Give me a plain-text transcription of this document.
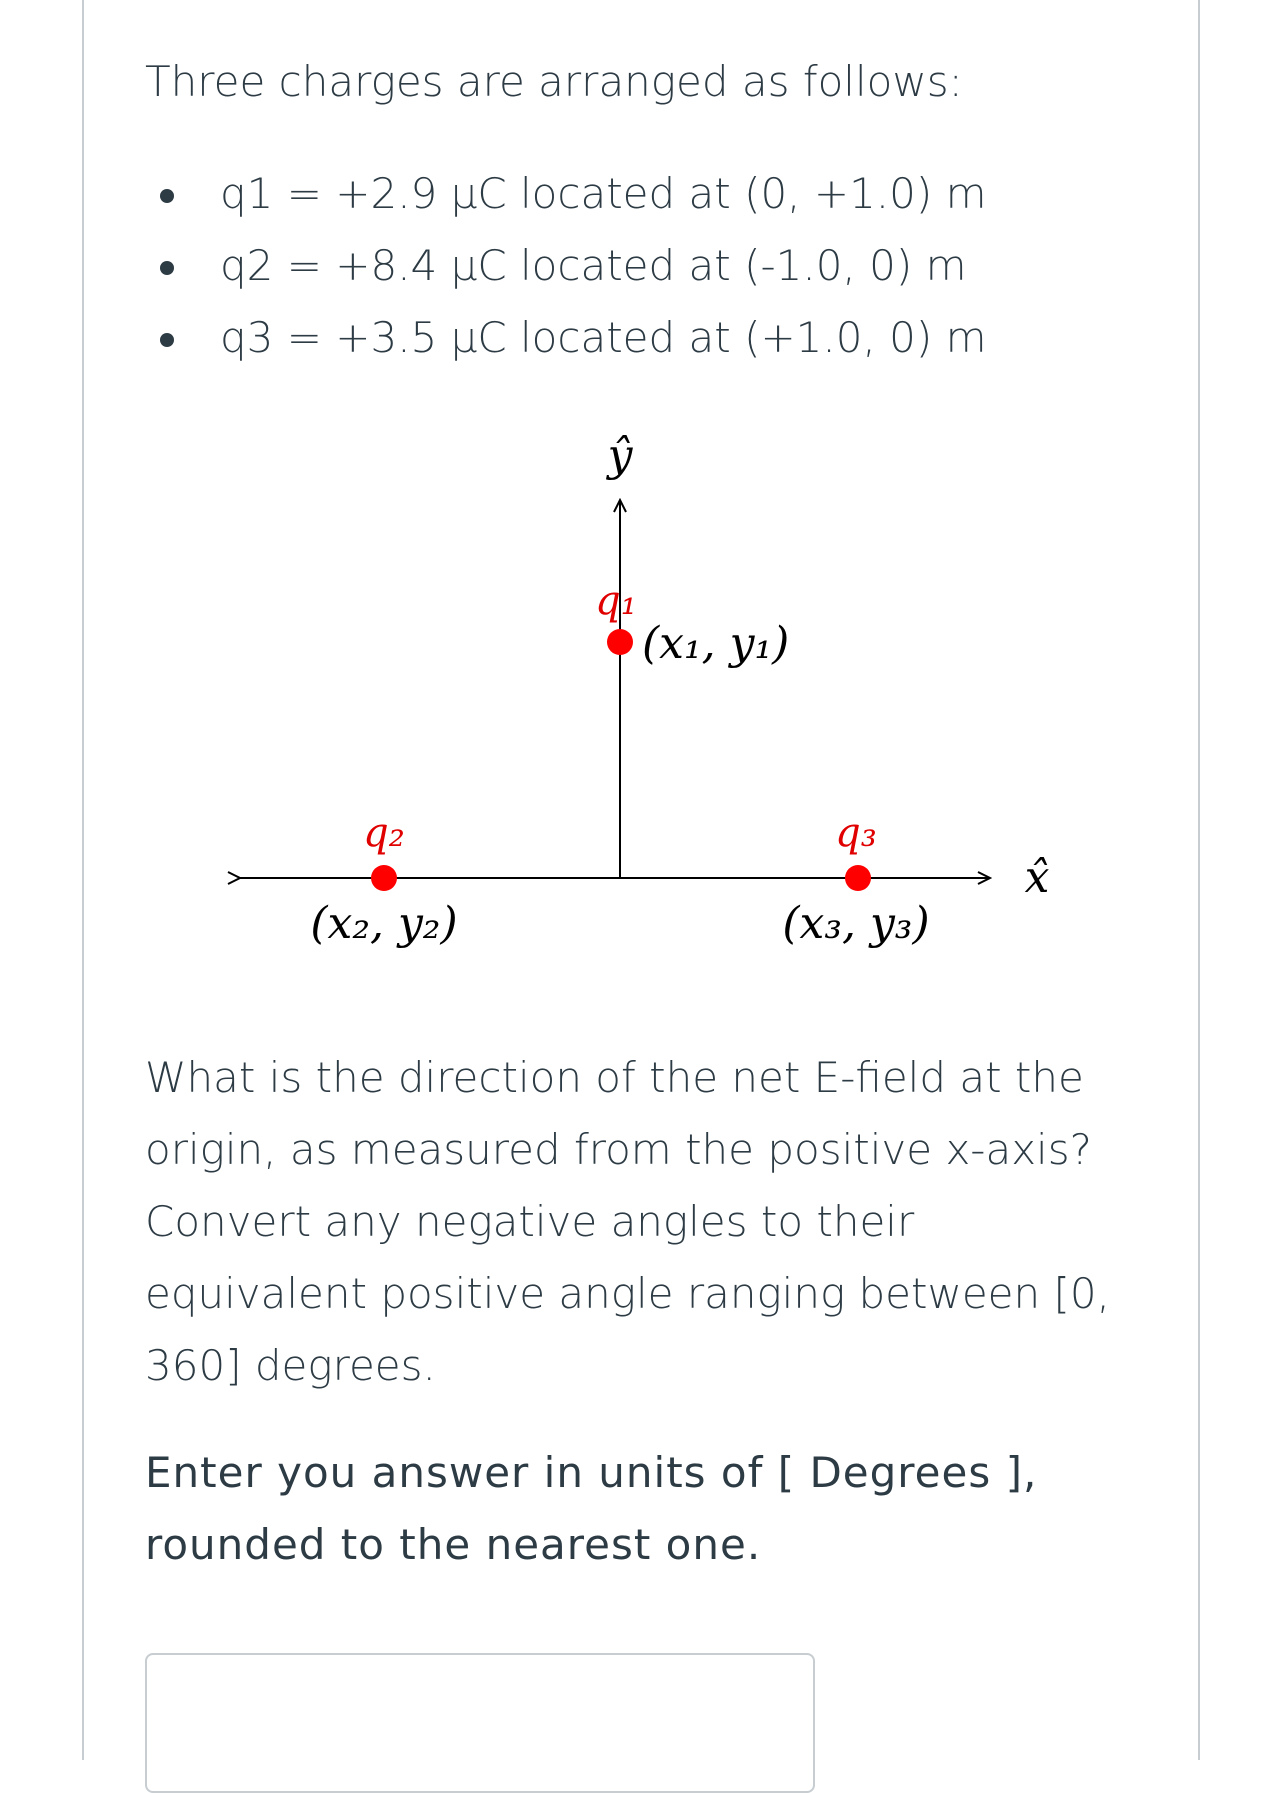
Three charges are arranged as follows:

q1 = +2.9 µC located at (0, +1.0) m
q2 = +8.4 µC located at (-1.0, 0) m
q3 = +3.5 µC located at (+1.0, 0) m
ŷ
x̂
q₁
q₂	q₃
(x₁, y₁)
(x₂, y₂)	(x₃, y₃)

What is the direction of the net E-field at the origin, as measured from the positive x-axis? Convert any negative angles to their equivalent positive angle ranging between [0, 360] degrees.

Enter you answer in units of [ Degrees ], rounded to the nearest one.
